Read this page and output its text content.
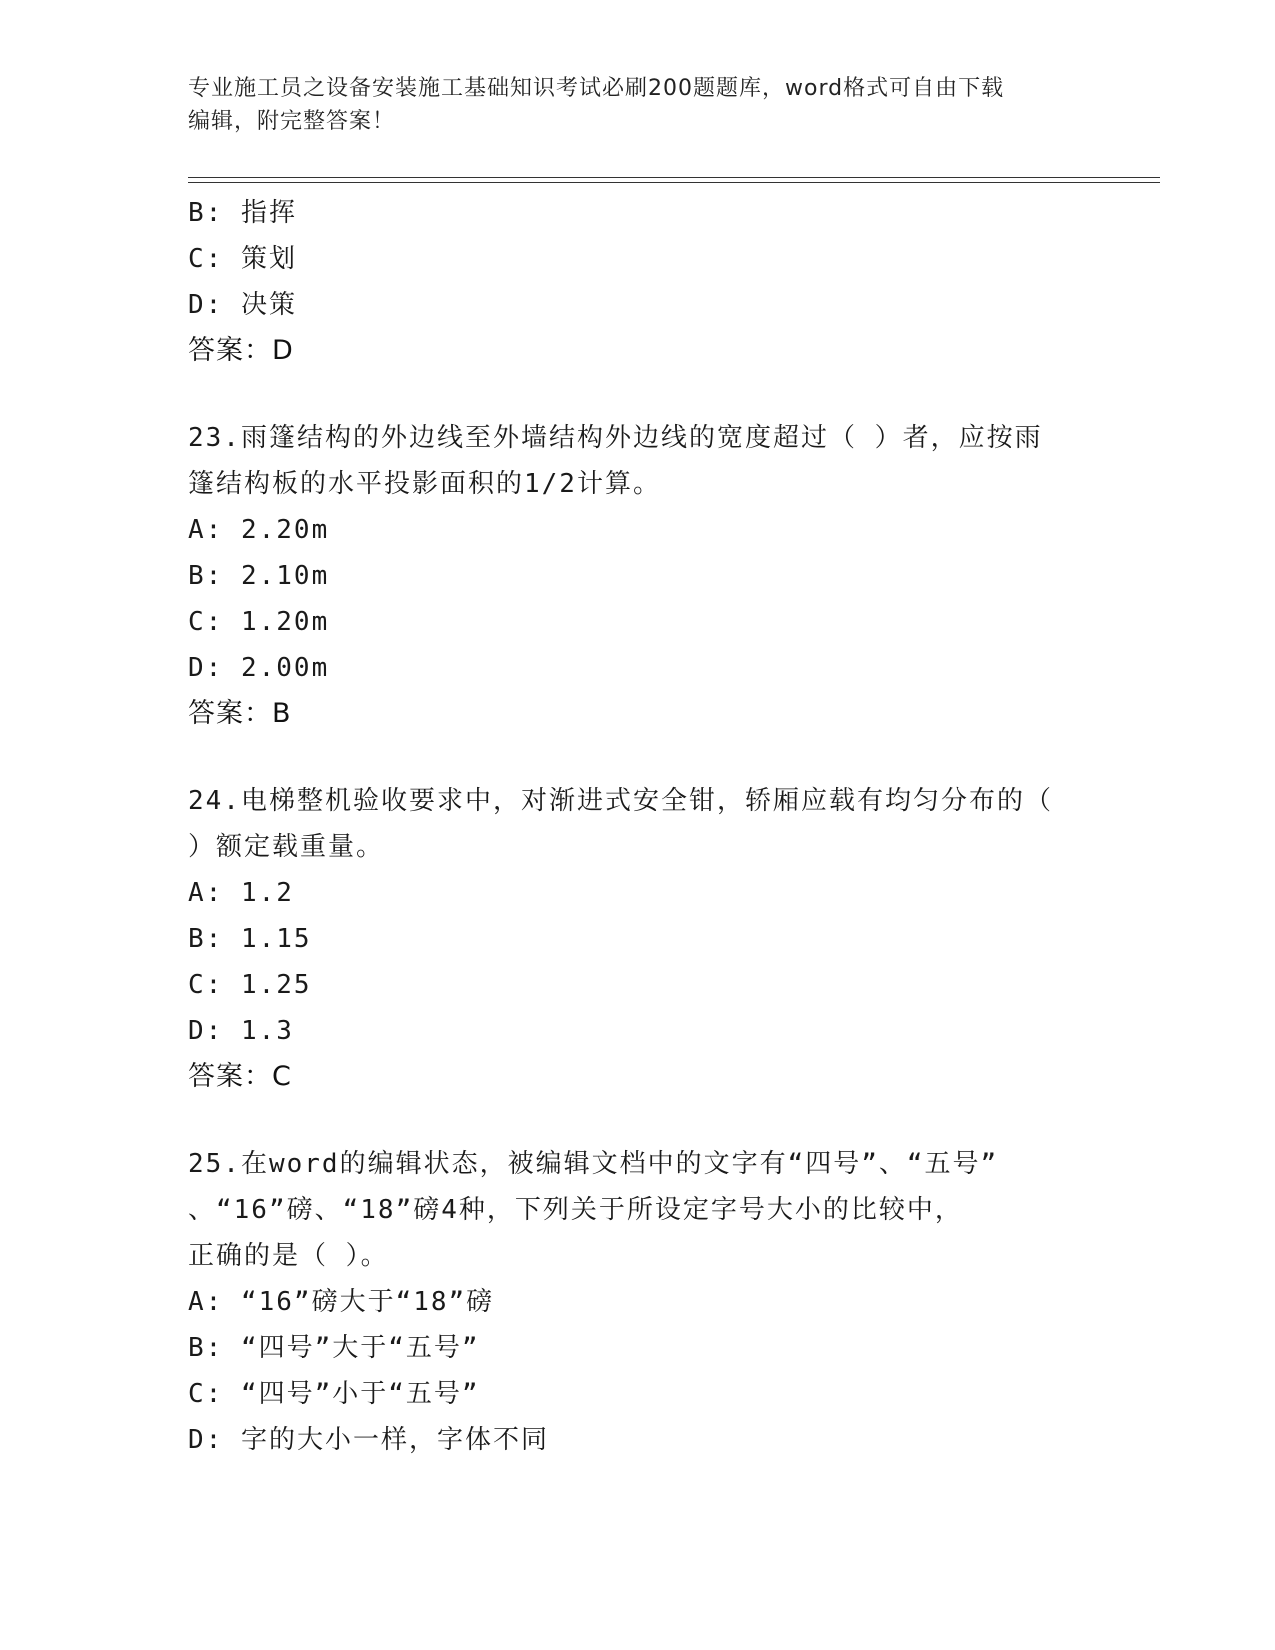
专业施工员之设备安装施工基础知识考试必刷200题题库，word格式可自由下载
编辑，附完整答案！
B: 指挥
C: 策划
D: 决策
答案：D
23.雨篷结构的外边线至外墙结构外边线的宽度超过（ ）者，应按雨
篷结构板的水平投影面积的1/2计算。
A: 2.20m
B: 2.10m
C: 1.20m
D: 2.00m
答案：B
24.电梯整机验收要求中，对渐进式安全钳，轿厢应载有均匀分布的（
）额定载重量。
A: 1.2
B: 1.15
C: 1.25
D: 1.3
答案：C
25.在word的编辑状态，被编辑文档中的文字有“四号”、“五号”
、“16”磅、“18”磅4种，下列关于所设定字号大小的比较中，
正确的是（ ）。
A: “16”磅大于“18”磅
B: “四号”大于“五号”
C: “四号”小于“五号”
D: 字的大小一样，字体不同
